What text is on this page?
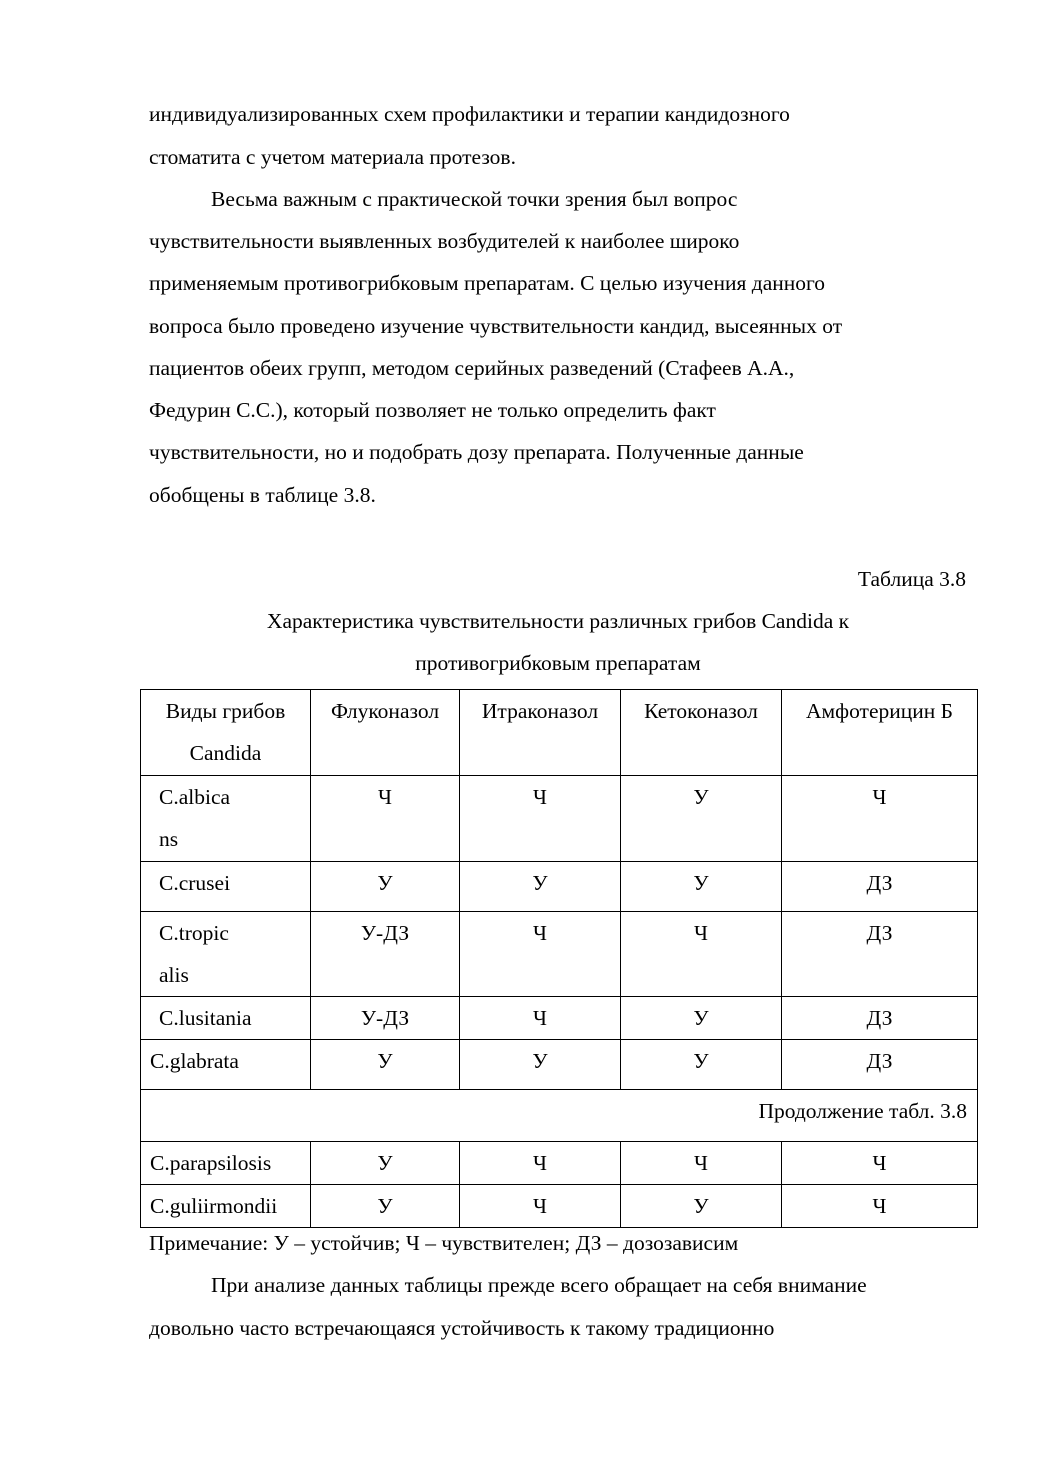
индивидуализированных схем профилактики и терапии кандидозного
стоматита с учетом материала протезов.
Весьма важным с практической точки зрения был вопрос
чувствительности выявленных возбудителей к наиболее широко
применяемым противогрибковым препаратам. С целью изучения данного
вопроса было проведено изучение чувствительности кандид, высеянных от
пациентов обеих групп, методом серийных разведений (Стафеев А.А.,
Федурин С.С.), который позволяет не только определить факт
чувствительности, но и подобрать дозу препарата. Полученные данные
обобщены в таблице 3.8.
Таблица 3.8
Характеристика чувствительности различных грибов Candida к
противогрибковым препаратам
Виды грибов
Candida	Флуконазол	Итраконазол	Кетоконазол	Амфотерицин Б

C.albica
ns	Ч	Ч	У	Ч

C.crusei	У	У	У	ДЗ

C.tropic
alis	У-ДЗ	Ч	Ч	ДЗ

C.lusitania	У-ДЗ	Ч	У	ДЗ

C.glabrata	У	У	У	ДЗ
Продолжение табл. 3.8				

C.parapsilosis	У	Ч	Ч	Ч

C.guliirmondii	У	Ч	У	Ч
Примечание: У – устойчив; Ч – чувствителен; ДЗ – дозозависим
При анализе данных таблицы прежде всего обращает на себя внимание
довольно часто встречающаяся устойчивость к такому традиционно
